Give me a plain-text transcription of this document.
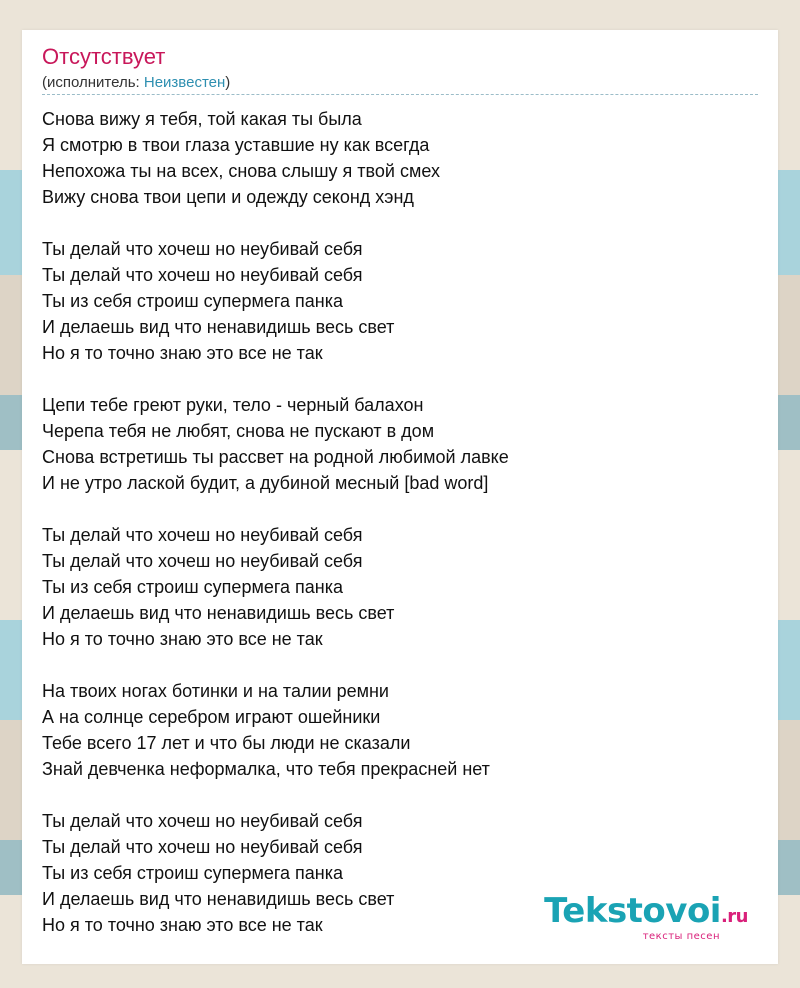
Отсутствует
(исполнитель: Неизвестен)
Снова вижу я тебя, той какая ты была
Я смотрю в твои глаза уставшие ну как всегда
Непохожа ты на всех, снова слышу я твой смех
Вижу снова твои цепи и одежду секонд хэнд
Ты делай что хочеш но неубивай себя
Ты делай что хочеш но неубивай себя
Ты из себя строиш супермега панка
И делаешь вид что ненавидишь весь свет
Но я то точно знаю это все не так
Цепи тебе греют руки, тело - черный балахон
Черепа тебя не любят, снова не пускают в дом
Снова встретишь ты рассвет на родной любимой лавке
И не утро лаской будит, а дубиной месный [bad word]
Ты делай что хочеш но неубивай себя
Ты делай что хочеш но неубивай себя
Ты из себя строиш супермега панка
И делаешь вид что ненавидишь весь свет
Но я то точно знаю это все не так
На твоих ногах ботинки и на талии ремни
А на солнце серебром играют ошейники
Тебе всего 17 лет и что бы люди не сказали
Знай девченка неформалка, что тебя прекрасней нет
Ты делай что хочеш но неубивай себя
Ты делай что хочеш но неубивай себя
Ты из себя строиш супермега панка
И делаешь вид что ненавидишь весь свет
Но я то точно знаю это все не так	Tekstovoi.ru
тексты песен
